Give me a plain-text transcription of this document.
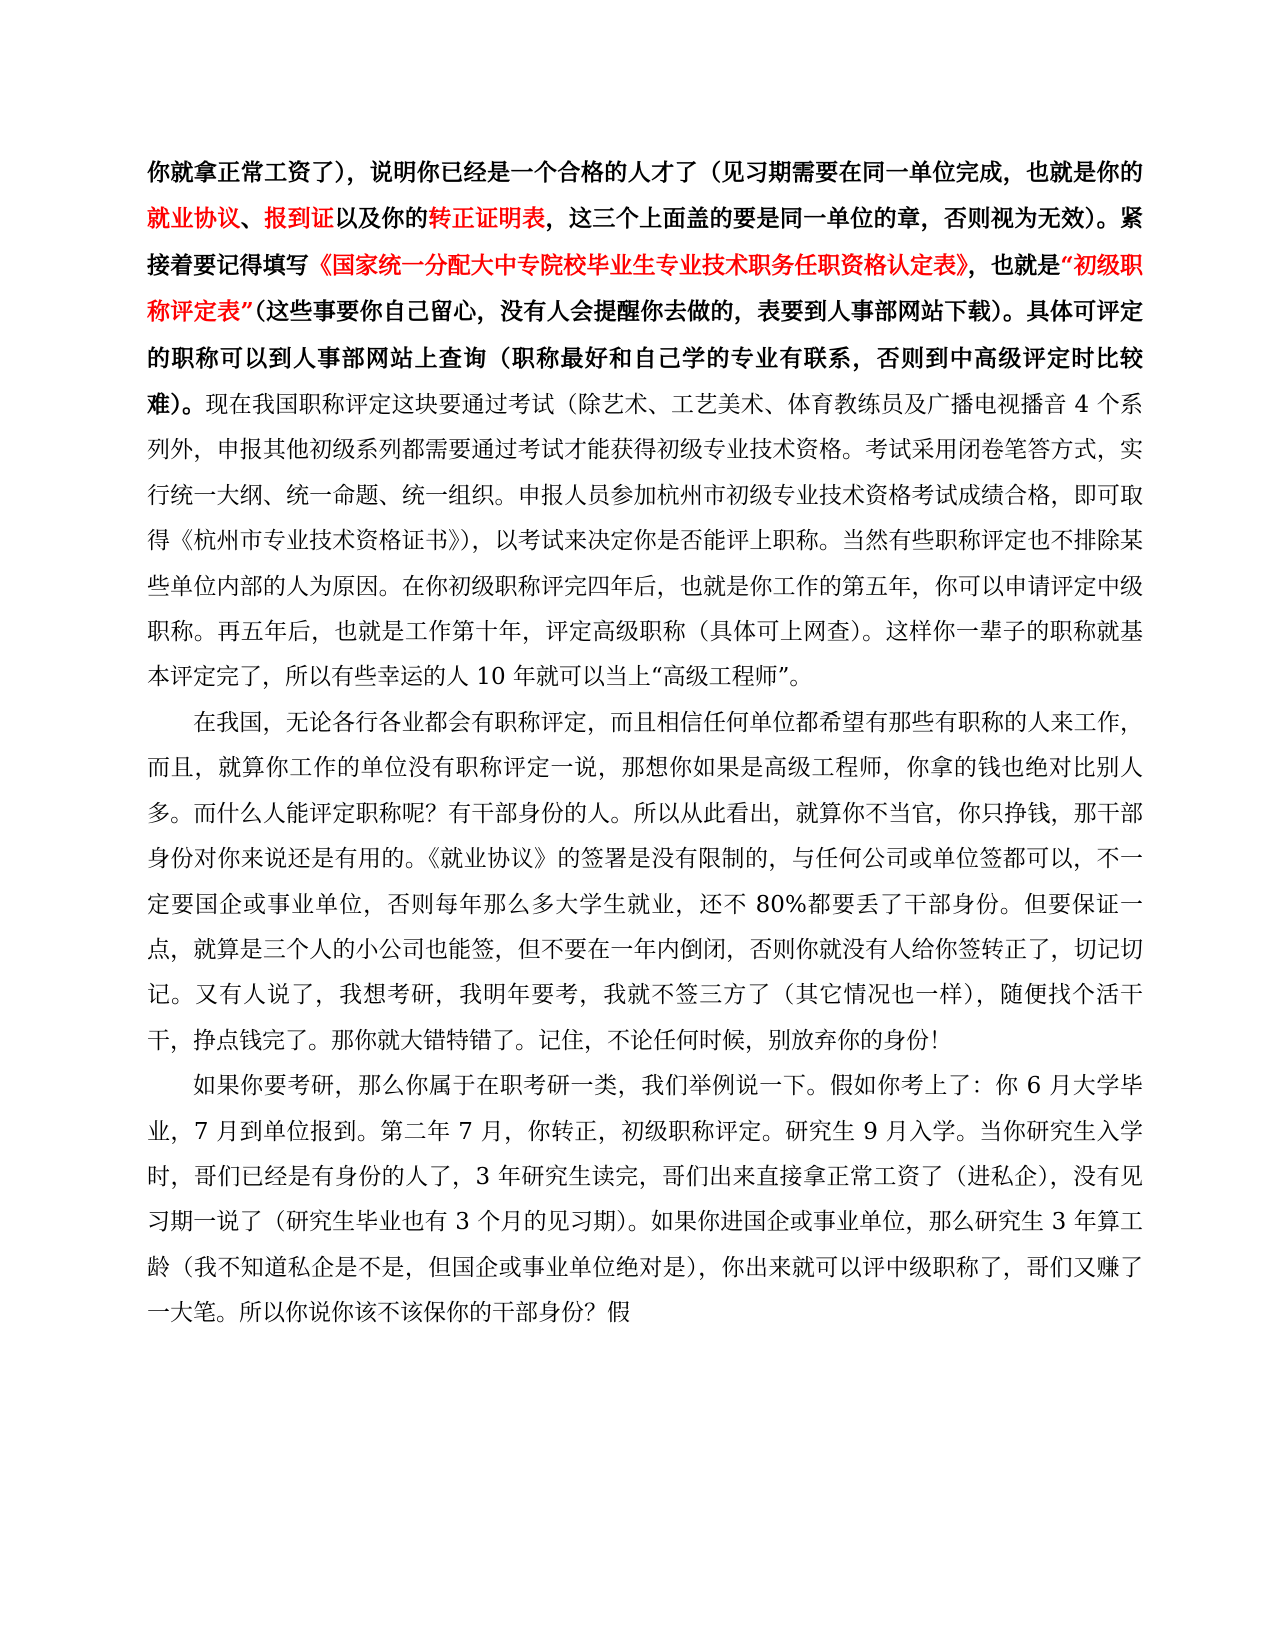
你就拿正常工资了），说明你已经是一个合格的人才了（见习期需要在同一单位完成，也就是你的就业协议、报到证以及你的转正证明表，这三个上面盖的要是同一单位的章，否则视为无效）。紧接着要记得填写《国家统一分配大中专院校毕业生专业技术职务任职资格认定表》，也就是“初级职称评定表”（这些事要你自己留心，没有人会提醒你去做的，表要到人事部网站下载）。具体可评定的职称可以到人事部网站上查询（职称最好和自己学的专业有联系，否则到中高级评定时比较难）。现在我国职称评定这块要通过考试（除艺术、工艺美术、体育教练员及广播电视播音 4 个系列外，申报其他初级系列都需要通过考试才能获得初级专业技术资格。考试采用闭卷笔答方式，实行统一大纲、统一命题、统一组织。申报人员参加杭州市初级专业技术资格考试成绩合格，即可取得《杭州市专业技术资格证书》），以考试来决定你是否能评上职称。当然有些职称评定也不排除某些单位内部的人为原因。在你初级职称评完四年后，也就是你工作的第五年，你可以申请评定中级职称。再五年后，也就是工作第十年，评定高级职称（具体可上网查）。这样你一辈子的职称就基本评定完了，所以有些幸运的人 10 年就可以当上“高级工程师”。

在我国，无论各行各业都会有职称评定，而且相信任何单位都希望有那些有职称的人来工作，而且，就算你工作的单位没有职称评定一说，那想你如果是高级工程师，你拿的钱也绝对比别人多。而什么人能评定职称呢？有干部身份的人。所以从此看出，就算你不当官，你只挣钱，那干部身份对你来说还是有用的。《就业协议》的签署是没有限制的，与任何公司或单位签都可以，不一定要国企或事业单位，否则每年那么多大学生就业，还不 80%都要丢了干部身份。但要保证一点，就算是三个人的小公司也能签，但不要在一年内倒闭，否则你就没有人给你签转正了，切记切记。又有人说了，我想考研，我明年要考，我就不签三方了（其它情况也一样），随便找个活干干，挣点钱完了。那你就大错特错了。记住，不论任何时候，别放弃你的身份！

如果你要考研，那么你属于在职考研一类，我们举例说一下。假如你考上了：你 6 月大学毕业，7 月到单位报到。第二年 7 月，你转正，初级职称评定。研究生 9 月入学。当你研究生入学时，哥们已经是有身份的人了，3 年研究生读完，哥们出来直接拿正常工资了（进私企），没有见习期一说了（研究生毕业也有 3 个月的见习期）。如果你进国企或事业单位，那么研究生 3 年算工龄（我不知道私企是不是，但国企或事业单位绝对是），你出来就可以评中级职称了，哥们又赚了一大笔。所以你说你该不该保你的干部身份？假
